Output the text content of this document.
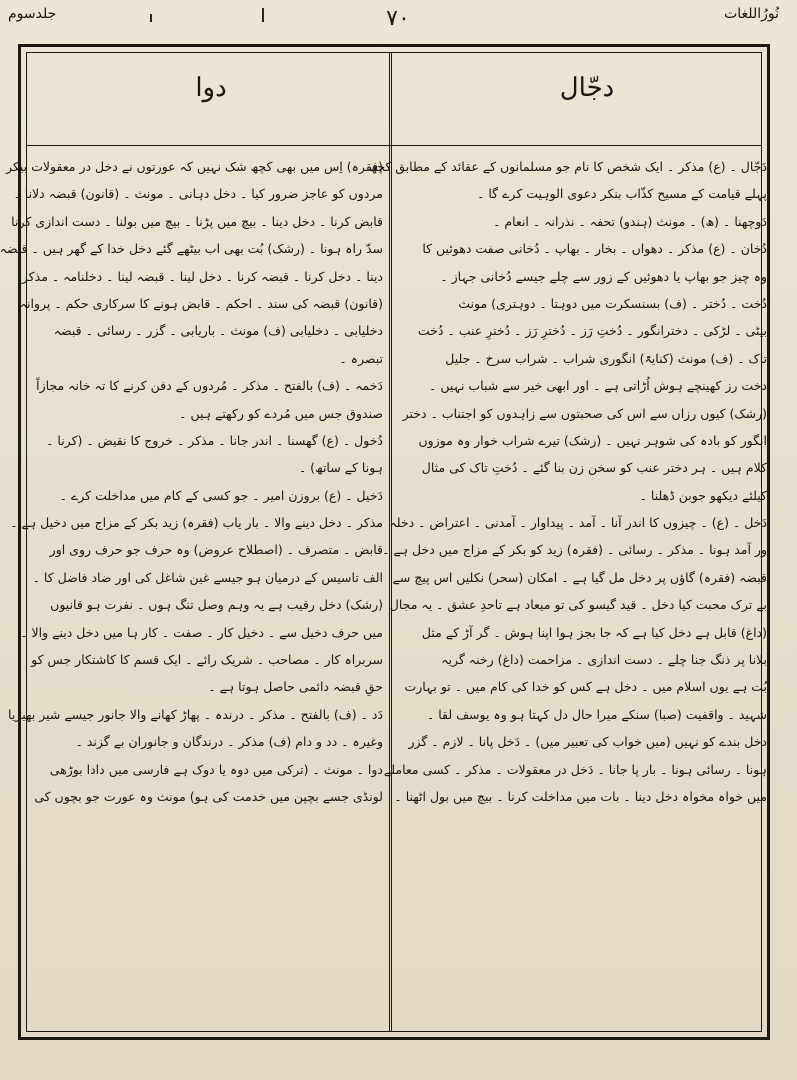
نُورُاللغات
٧٠
جلدسوم
دجّال
دوا
دَجّال ۔ (ع) مذکر ۔ ایک شخص کا نام جو مسلمانوں کے عقائد کے مطابق کچھ
پہلے قیامت کے مسیح کذّاب بنکر دعوی الوہیت کرے گا ۔
دَوچھنا ۔ (ھ) ۔ مونث (ہندو) تحفہ ۔ نذرانہ ۔ انعام ۔
دُخان ۔ (ع) مذکر ۔ دھواں ۔ بخار ۔ بھاپ ۔ دُخانی صفت دھوئیں کا
وہ چیز جو بھاپ یا دھوئیں کے زور سے چلے جیسے دُخانی جہاز ۔
دُخت ۔ دُختر ۔ (ف) بسنسکرت میں دوہتا ۔ دوہتری) مونث
بیٹی ۔ لڑکی ۔ دخترانگور ۔ دُختِ رَز ۔ دُخترِ رَز ۔ دُخترِ عنب ۔ دُخت
تاک ۔ (ف) مونث (کنایۃً) انگوری شراب ۔ شراب سرخ ۔ جلیل
دخت رز کھینچے ہوش اُڑاتی ہے ۔ اور ابھی خیر سے شباب نہیں ۔
(رشک) کیوں رزاں سے اس کی صحبتوں سے زاہدوں کو اجتناب ۔ دختر
انگور کو بادہ کی شوہر نہیں ۔ (رشک) تیرے شراب خوار وہ موزوں
کلام ہیں ۔ ہر دختر عنب کو سخن زن بنا گئے ۔ دُختِ تاک کی مثال
کیلئے دیکھو جوبن ڈھلنا ۔
دَخل ۔ (ع) ۔ چیزوں کا اندر آنا ۔ آمد ۔ پیداوار ۔ آمدنی ۔ اعتراض ۔ دخلہ
ور آمد ہونا ۔ مذکر ۔ رسائی ۔ (فقرہ) زید کو بکر کے مزاج میں دخل ہے ۔
قبضہ (فقرہ) گاؤں پر دخل مل گیا ہے ۔ امکان (سحر) نکلیں اس پیچ سے
بے ترک محبت کیا دخل ۔ قید گیسو کی تو میعاد ہے تاحدِ عشق ۔ یہ مجال
(داغ) قابل ہے دخل کیا ہے کہ جا بجز ہوا اپنا ہوش ۔ گر آڑ کے مثل
بلانا پر ذنگ جنا چلے ۔ دست اندازی ۔ مزاحمت (داغ) رخنہ گریہ
بُت ہے یوں اسلام میں ۔ دخل ہے کس کو خدا کی کام میں ۔ تو بہارت
شہید ۔ واقفیت (صبا) سنکے میرا حال دل کہتا ہو وہ یوسف لقا ۔
دخل بندے کو نہیں (میں خواب کی تعبیر میں) ۔ دَخل پانا ۔ لازم ۔ گزر
ہونا ۔ رسائی ہونا ۔ بار پا جانا ۔ دَخل در معقولات ۔ مذکر ۔ کسی معاملے
میں خواہ مخواہ دخل دینا ۔ بات میں مداخلت کرنا ۔ بیچ میں بول اٹھنا ۔
(فقرہ) اِس میں بھی کچھ شک نہیں کہ عورتوں نے دخل در معقولات بیکر
مردوں کو عاجز ضرور کیا ۔ دخل دہانی ۔ مونث ۔ (قانون) قبضہ دلانا ۔
قابض کرنا ۔ دخل دینا ۔ بیچ میں پڑنا ۔ بیچ میں بولنا ۔ دست اندازی کرنا
سدّ راہ ہونا ۔ (رشک) بُت بھی اب بیٹھے گئے دخل خدا کے گھر ہیں ۔ قبضہ
دینا ۔ دخل کرنا ۔ قبضہ کرنا ۔ دخل لینا ۔ قبضہ لینا ۔ دخلنامہ ۔ مذکر
(قانون) قبضہ کی سند ۔ احکم ۔ قابض ہونے کا سرکاری حکم ۔ پروانہ
دخلیابی ۔ دخلیابی (ف) مونث ۔ باریابی ۔ گزر ۔ رسائی ۔ قبضہ
تبصرہ ۔
دَخمہ ۔ (ف) بالفتح ۔ مذکر ۔ مُردوں کے دفن کرنے کا تہ خانہ مجازاً
صندوق جس میں مُردے کو رکھتے ہیں ۔
دُخول ۔ (ع) گھسنا ۔ اندر جانا ۔ مذکر ۔ خروج کا نقیض ۔ (کرنا ۔
ہونا کے ساتھ) ۔
دَخیل ۔ (ع) بروزن امیر ۔ جو کسی کے کام میں مداخلت کرے ۔
مذکر ۔ دخل دینے والا ۔ بار یاب (فقرہ) زید بکر کے مزاج میں دخیل ہے ۔
قابض ۔ متصرف ۔ (اصطلاح عروض) وہ حرف جو حرف روی اور
الف تاسیس کے درمیان ہو جیسے غین شاغل کی اور ضاد فاضل کا ۔
(رشک) دخل رقیب ہے یہ وہم وصل تنگ ہوں ۔ نفرت ہو قانیوں
میں حرف دخیل سے ۔ دخیل کار ۔ صفت ۔ کار ہا میں دخل دینے والا ۔
سربراہ کار ۔ مصاحب ۔ شریک رائے ۔ ایک قسم کا کاشتکار جس کو
حقِ قبضہ دائمی حاصل ہوتا ہے ۔
دَد ۔ (ف) بالفتح ۔ مذکر ۔ درندہ ۔ پھاڑ کھانے والا جانور جیسے شیر بھیڑیا
وغیرہ ۔ دد و دام (ف) مذکر ۔ درندگان و جانوران بے گزند ۔
دوا ۔ مونث ۔ (ترکی میں دوہ یا دوک ہے فارسی میں دادا بوڑھی
لونڈی جسے بچپن میں خدمت کی ہو) مونث وہ عورت جو بچوں کی
